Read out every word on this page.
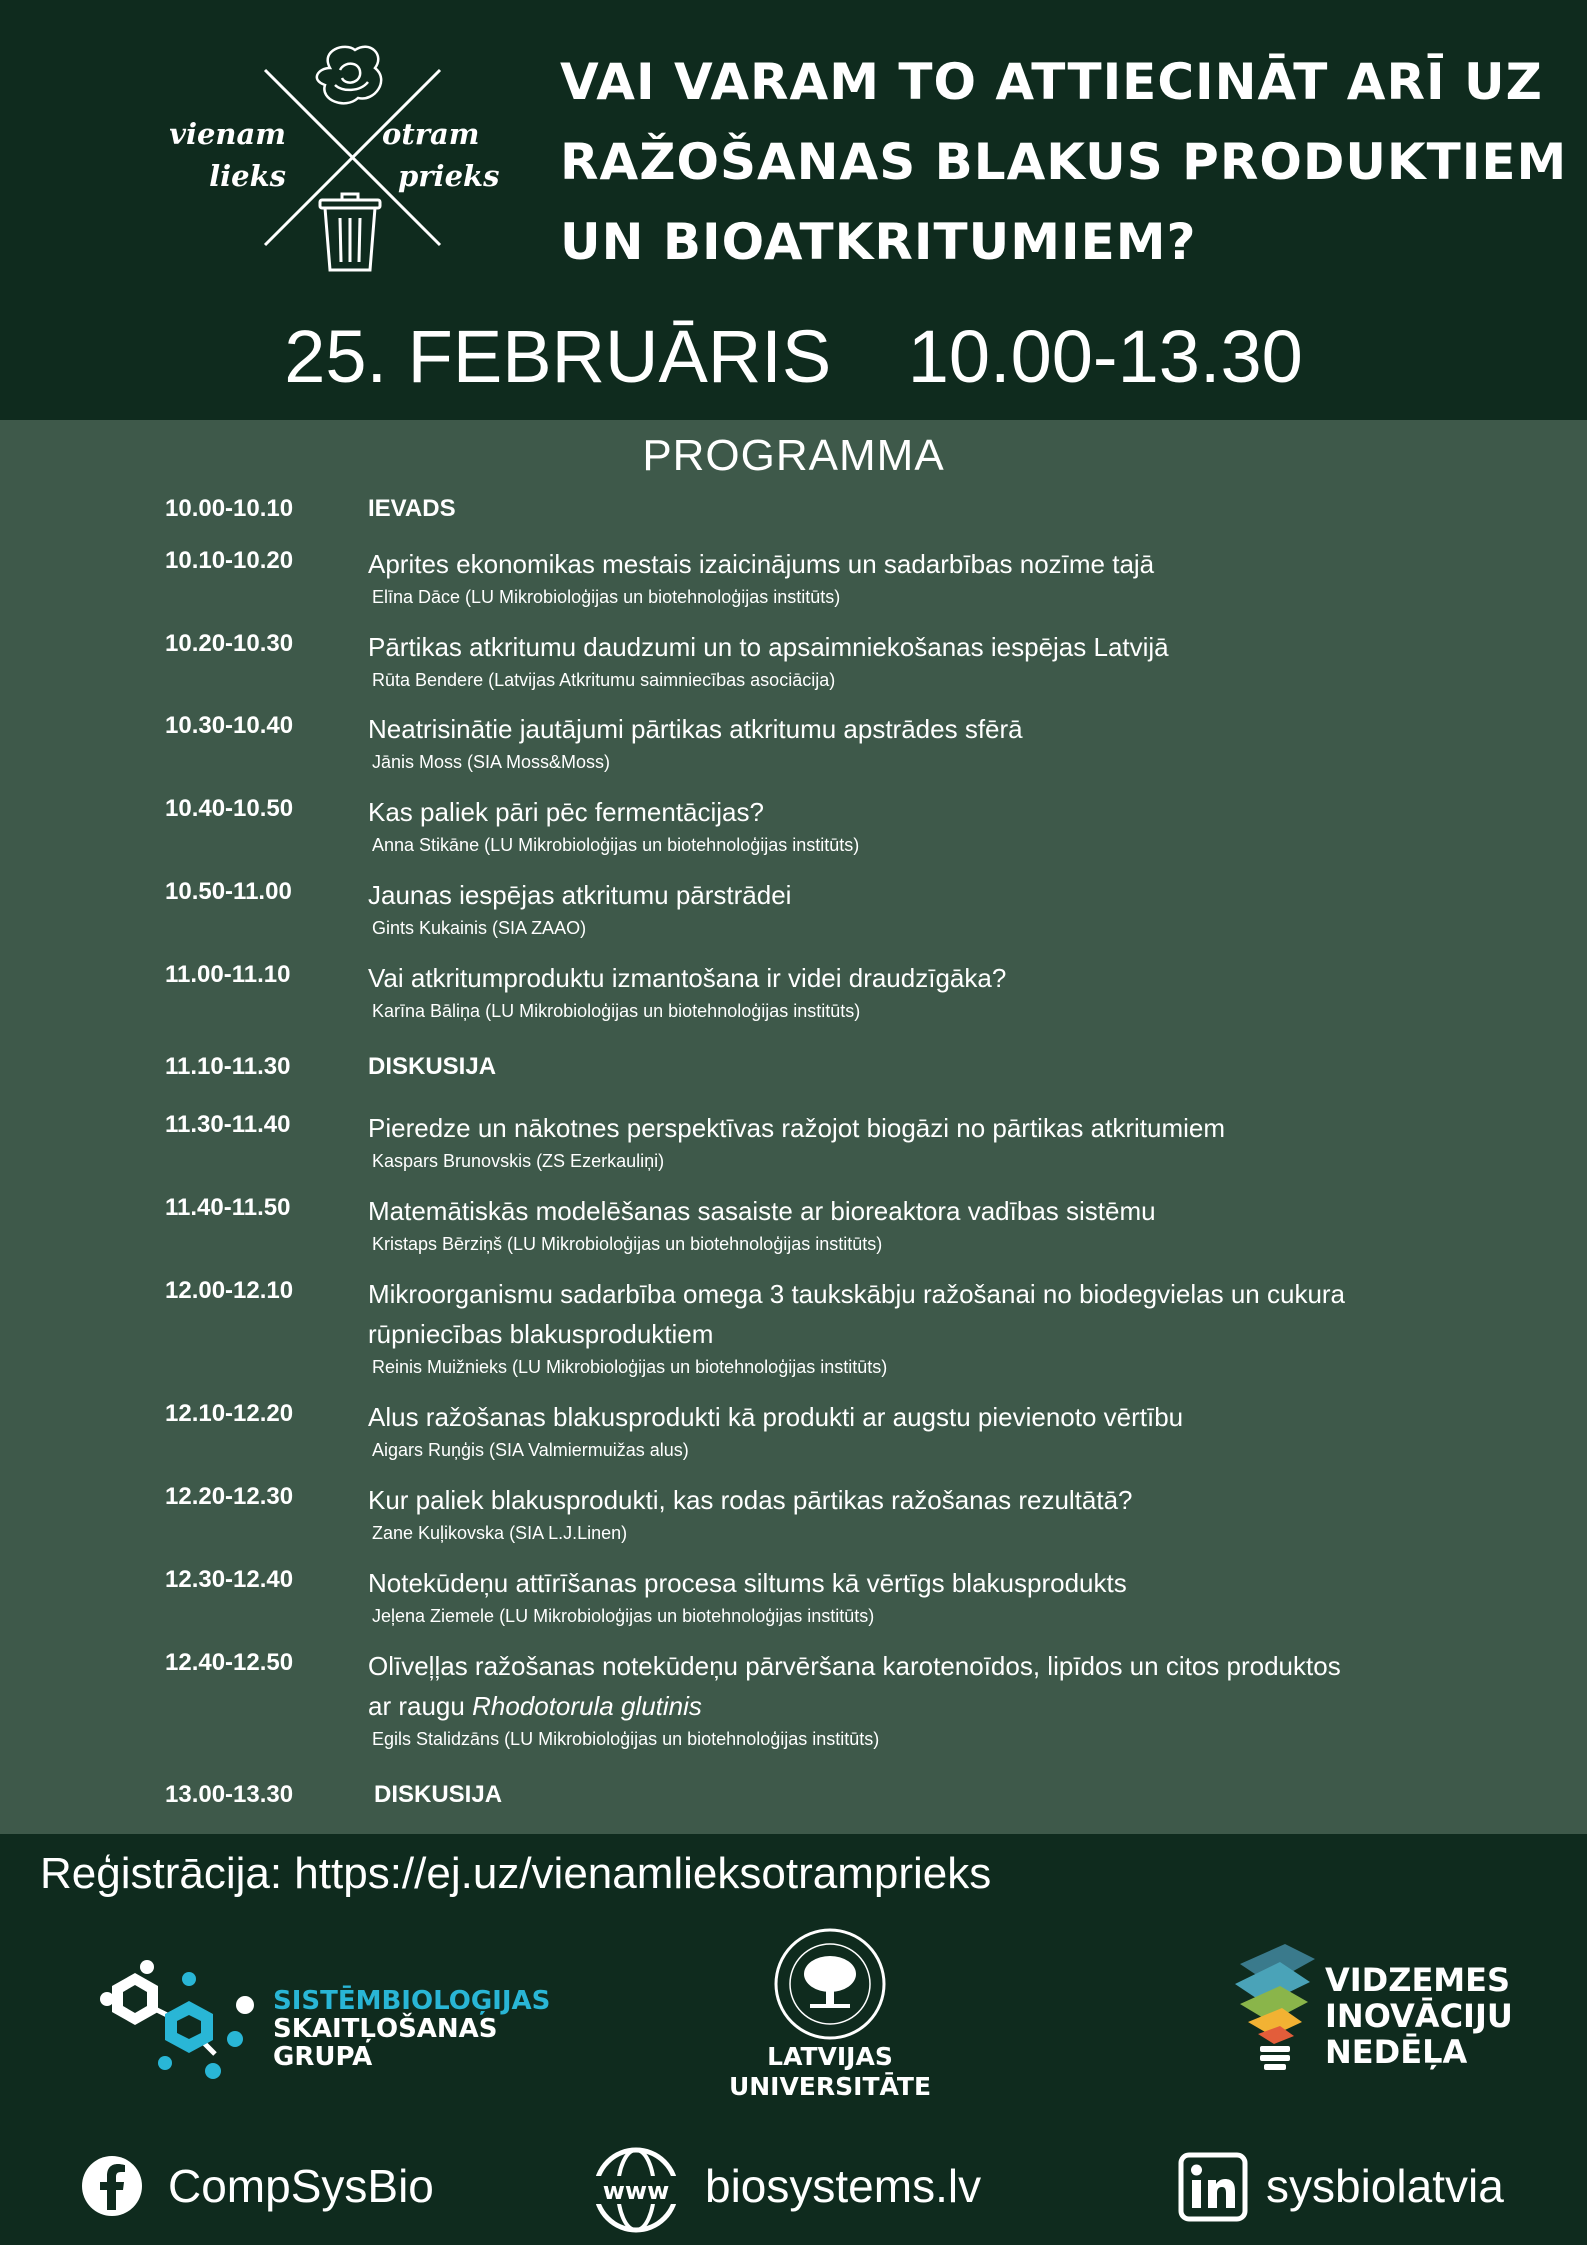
vienam
lieks
otram
prieks
VAI VARAM TO ATTIECINĀT ARĪ UZ
RAŽOŠANAS BLAKUS PRODUKTIEM
UN BIOATKRITUMIEM?
25. FEBRUĀRIS 10.00-13.30
PROGRAMMA
10.00-10.10	IEVADS
10.10-10.20	Aprites ekonomikas mestais izaicinājums un sadarbības nozīme tajā
Elīna Dāce (LU Mikrobioloģijas un biotehnoloģijas institūts)
10.20-10.30	Pārtikas atkritumu daudzumi un to apsaimniekošanas iespējas Latvijā
Rūta Bendere (Latvijas Atkritumu saimniecības asociācija)
10.30-10.40	Neatrisinātie jautājumi pārtikas atkritumu apstrādes sfērā
Jānis Moss (SIA Moss&Moss)
10.40-10.50	Kas paliek pāri pēc fermentācijas?
Anna Stikāne (LU Mikrobioloģijas un biotehnoloģijas institūts)
10.50-11.00	Jaunas iespējas atkritumu pārstrādei
Gints Kukainis (SIA ZAAO)
11.00-11.10	Vai atkritumproduktu izmantošana ir videi draudzīgāka?
Karīna Bāliņa (LU Mikrobioloģijas un biotehnoloģijas institūts)
11.10-11.30	DISKUSIJA
11.30-11.40	Pieredze un nākotnes perspektīvas ražojot biogāzi no pārtikas atkritumiem
Kaspars Brunovskis (ZS Ezerkauliņi)
11.40-11.50	Matemātiskās modelēšanas sasaiste ar bioreaktora vadības sistēmu
Kristaps Bērziņš (LU Mikrobioloģijas un biotehnoloģijas institūts)
12.00-12.10	Mikroorganismu sadarbība omega 3 taukskābju ražošanai no biodegvielas un cukura
rūpniecības blakusproduktiem
Reinis Muižnieks (LU Mikrobioloģijas un biotehnoloģijas institūts)
12.10-12.20	Alus ražošanas blakusprodukti kā produkti ar augstu pievienoto vērtību
Aigars Ruņģis (SIA Valmiermuižas alus)
12.20-12.30	Kur paliek blakusprodukti, kas rodas pārtikas ražošanas rezultātā?
Zane Kuļikovska (SIA L.J.Linen)
12.30-12.40	Notekūdeņu attīrīšanas procesa siltums kā vērtīgs blakusprodukts
Jeļena Ziemele (LU Mikrobioloģijas un biotehnoloģijas institūts)
12.40-12.50	Olīveļļas ražošanas notekūdeņu pārvēršana karotenoīdos, lipīdos un citos produktos
ar raugu Rhodotorula glutinis
Egils Stalidzāns (LU Mikrobioloģijas un biotehnoloģijas institūts)
13.00-13.30	DISKUSIJA
Reģistrācija: https://ej.uz/vienamlieksotramprieks
SISTĒMBIOLOĢIJAS
SKAITĻOŠANAS
GRUPA	LATVIJAS
UNIVERSITĀTE
VIDZEMES
INOVĀCIJU
NEDĒĻA
CompSysBio	www biosystems.lv	sysbiolatvia
